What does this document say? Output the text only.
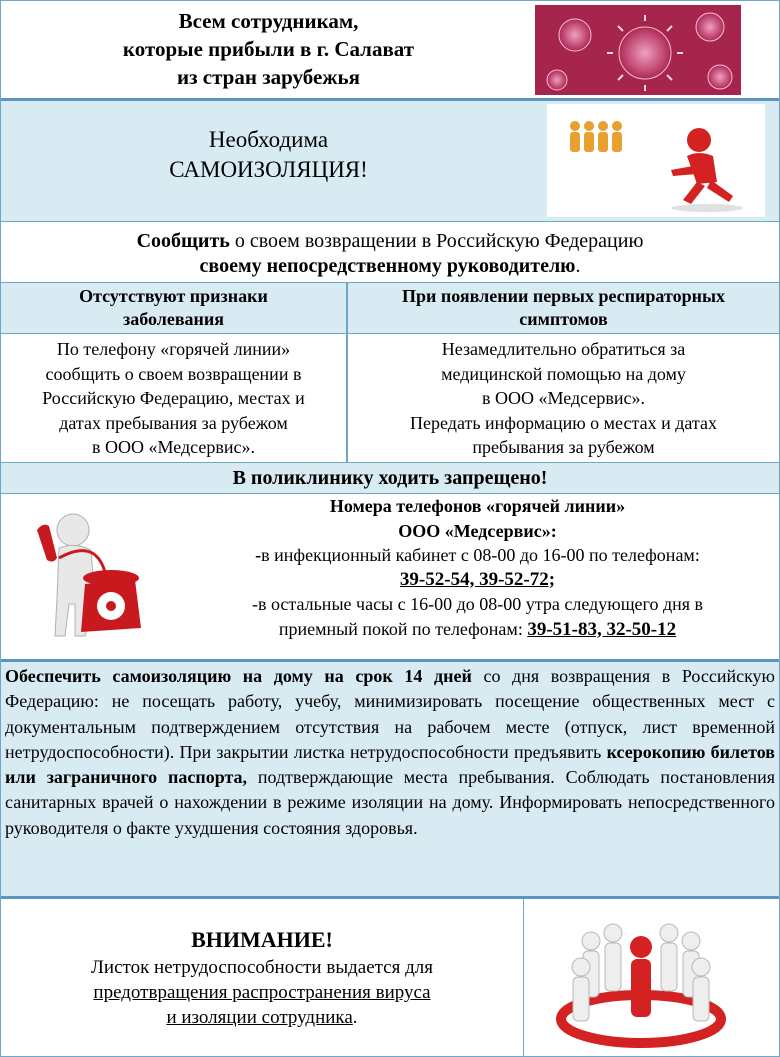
Всем сотрудникам,
которые прибыли в г. Салават
из стран зарубежья
Необходима
САМОИЗОЛЯЦИЯ!
Сообщить о своем возвращении в Российскую Федерацию
своему непосредственному руководителю.
Отсутствуют признаки
заболевания
При появлении первых респираторных
симптомов
По телефону «горячей линии»
сообщить о своем возвращении в
Российскую Федерацию, местах и
датах пребывания за рубежом
в ООО «Медсервис».
Незамедлительно обратиться за
медицинской помощью на дому
в ООО «Медсервис».
Передать информацию о местах и датах
пребывания за рубежом
В поликлинику ходить запрещено!
Номера телефонов «горячей линии»
ООО «Медсервис»:
-в инфекционный кабинет с 08-00 до 16-00 по телефонам:
39-52-54, 39-52-72;
-в остальные часы с 16-00 до 08-00 утра следующего дня в
приемный покой по телефонам: 39-51-83, 32-50-12
Обеспечить самоизоляцию на дому на срок 14 дней со дня возвращения в Российскую Федерацию: не посещать работу, учебу, минимизировать посещение общественных мест с документальным подтверждением отсутствия на рабочем месте (отпуск, лист временной нетрудоспособности). При закрытии листка нетрудоспособности предъявить ксерокопию билетов или заграничного паспорта, подтверждающие места пребывания. Соблюдать постановления санитарных врачей о нахождении в режиме изоляции на дому. Информировать непосредственного руководителя о факте ухудшения состояния здоровья.
ВНИМАНИЕ!
Листок нетрудоспособности выдается для
предотвращения распространения вируса
и изоляции сотрудника.
